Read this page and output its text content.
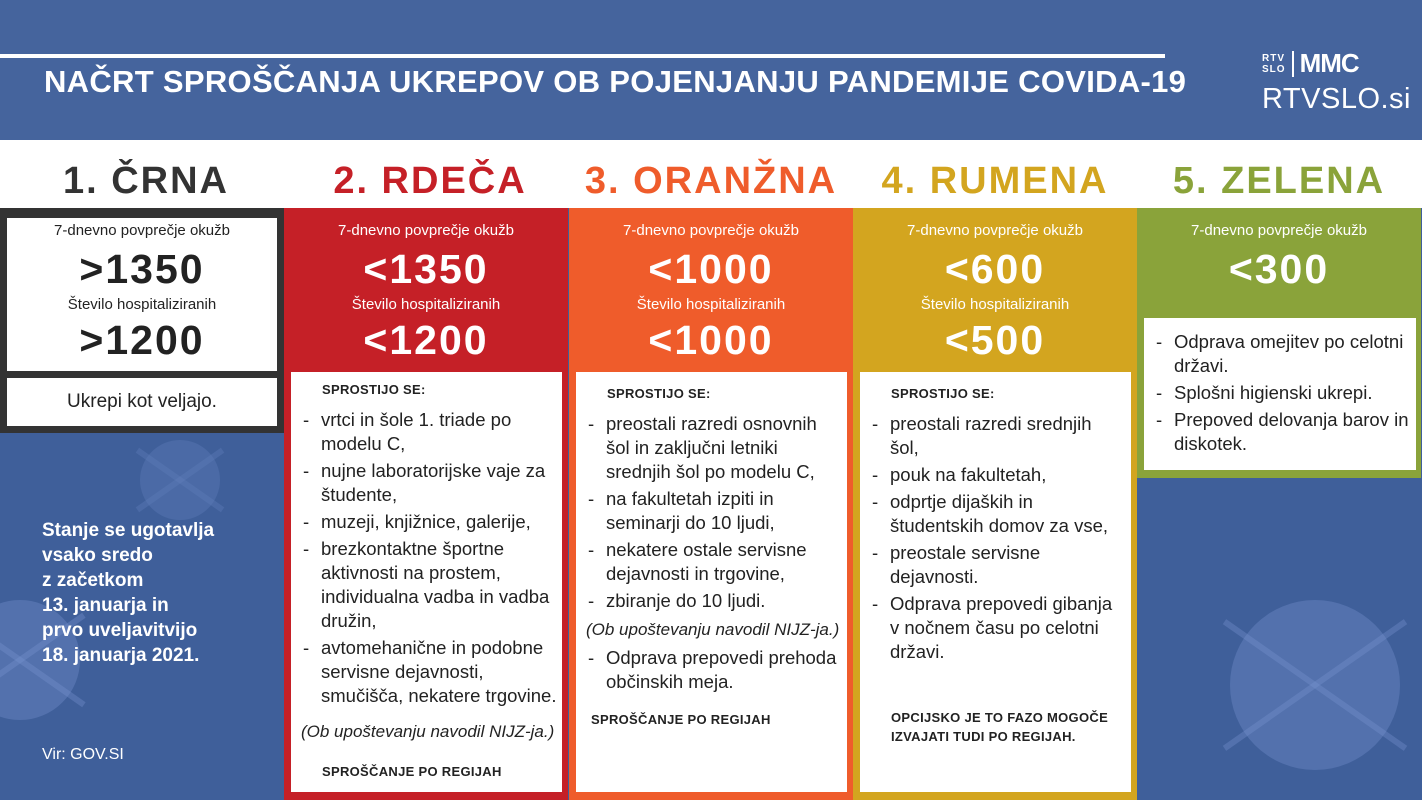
NAČRT SPROŠČANJA UKREPOV OB POJENJANJU PANDEMIJE COVIDA-19
RTV
SLO MMC
RTVSLO.si
1. ČRNA	2. RDEČA	3. ORANŽNA	4. RUMENA	5. ZELENA
7-dnevno povprečje okužb
>1350
Število hospitaliziranih
>1200
Ukrepi kot veljajo.
7-dnevno povprečje okužb
<1350
Število hospitaliziranih
<1200
SPROSTIJO SE:
- vrtci in šole 1. triade po modelu C,
- nujne laboratorijske vaje za študente,
- muzeji, knjižnice, galerije,
- brezkontaktne športne aktivnosti na prostem, individualna vadba in vadba družin,
- avtomehanične in podobne servisne dejavnosti, smučišča, nekatere trgovine.
(Ob upoštevanju navodil NIJZ-ja.)
SPROŠČANJE PO REGIJAH
7-dnevno povprečje okužb
<1000
Število hospitaliziranih
<1000
SPROSTIJO SE:
- preostali razredi osnovnih šol in zaključni letniki srednjih šol po modelu C,
- na fakultetah izpiti in seminarji do 10 ljudi,
- nekatere ostale servisne dejavnosti in trgovine,
- zbiranje do 10 ljudi.
(Ob upoštevanju navodil NIJZ-ja.)
- Odprava prepovedi prehoda občinskih meja.
SPROŠČANJE PO REGIJAH
7-dnevno povprečje okužb
<600
Število hospitaliziranih
<500
SPROSTIJO SE:
- preostali razredi srednjih šol,
- pouk na fakultetah,
- odprtje dijaških in študentskih domov za vse,
- preostale servisne dejavnosti.
- Odprava prepovedi gibanja v nočnem času po celotni državi.
OPCIJSKO JE TO FAZO MOGOČE
IZVAJATI TUDI PO REGIJAH.
7-dnevno povprečje okužb
<300
- Odprava omejitev po celotni državi.
- Splošni higienski ukrepi.
- Prepoved delovanja barov in diskotek.
Stanje se ugotavlja
vsako sredo
z začetkom
13. januarja in
prvo uveljavitvijo
18. januarja 2021.
Vir: GOV.SI
